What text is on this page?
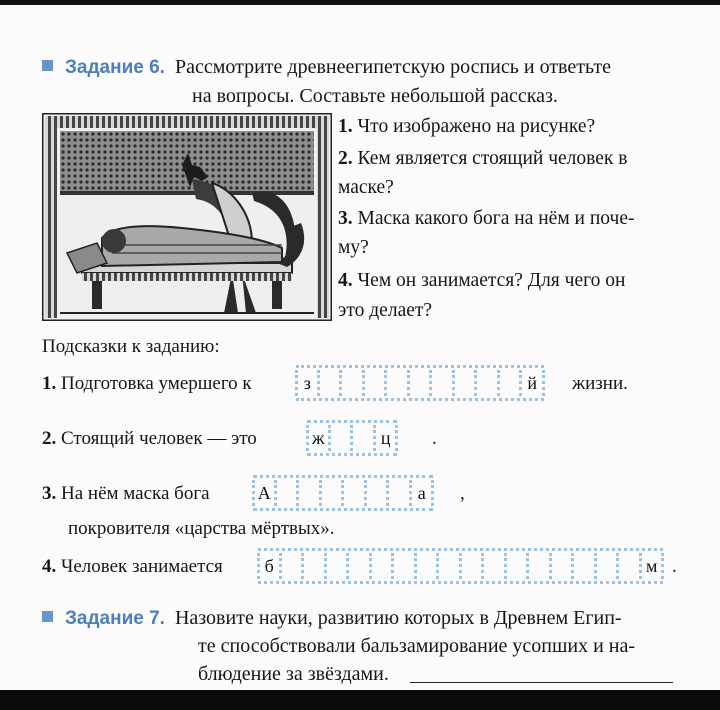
Задание 6. Рассмотрите древнеегипетскую роспись и ответьте
на вопросы. Составьте небольшой рассказ.
1. Что изображено на рисунке?
2. Кем является стоящий человек в
маске?
3. Маска какого бога на нём и поче-
му?
4. Чем он занимается? Для чего он
это делает?
Подсказки к заданию:
1. Подготовка умершего к	з	й	жизни.
2. Стоящий человек — это	ж	ц	.
3. На нём маска бога	А	а	,
покровителя «царства мёртвых».
4. Человек занимается	б	м .
Задание 7. Назовите науки, развитию которых в Древнем Егип-
те способствовали бальзамирование усопших и на-
блюдение за звёздами.
